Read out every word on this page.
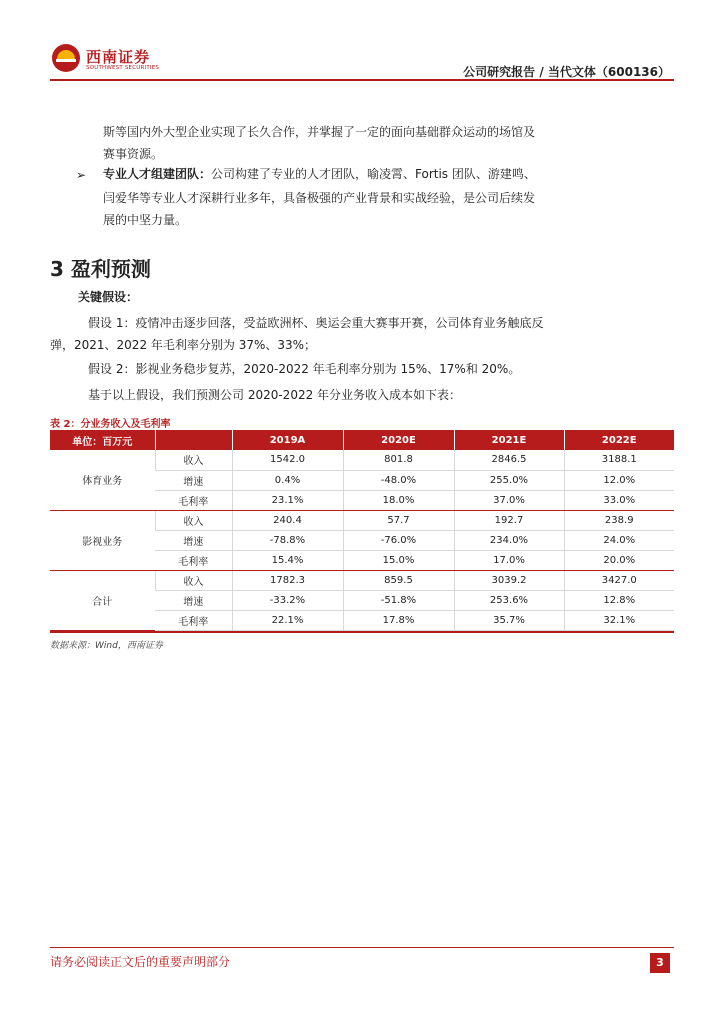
西南证券
SOUTHWEST SECURITIES	公司研究报告 / 当代文体（600136）
斯等国内外大型企业实现了长久合作，并掌握了一定的面向基础群众运动的场馆及
赛事资源。
➢ 专业人才组建团队：公司构建了专业的人才团队，喻凌霄、Fortis 团队、游建鸣、
闫爱华等专业人才深耕行业多年，具备极强的产业背景和实战经验，是公司后续发
展的中坚力量。
3 盈利预测
关键假设：
假设 1：疫情冲击逐步回落，受益欧洲杯、奥运会重大赛事开赛，公司体育业务触底反
弹，2021、2022 年毛利率分别为 37%、33%；
假设 2：影视业务稳步复苏，2020-2022 年毛利率分别为 15%、17%和 20%。
基于以上假设，我们预测公司 2020-2022 年分业务收入成本如下表：
表 2：分业务收入及毛利率
单位：百万元		2019A	2020E	2021E	2022E
体育业务	收入	1542.0	801.8	2846.5	3188.1
	增速	0.4%	-48.0%	255.0%	12.0%
	毛利率	23.1%	18.0%	37.0%	33.0%
影视业务	收入	240.4	57.7	192.7	238.9
	增速	-78.8%	-76.0%	234.0%	24.0%
	毛利率	15.4%	15.0%	17.0%	20.0%
合计	收入	1782.3	859.5	3039.2	3427.0
	增速	-33.2%	-51.8%	253.6%	12.8%
	毛利率	22.1%	17.8%	35.7%	32.1%
数据来源：Wind，西南证券
请务必阅读正文后的重要声明部分	3
